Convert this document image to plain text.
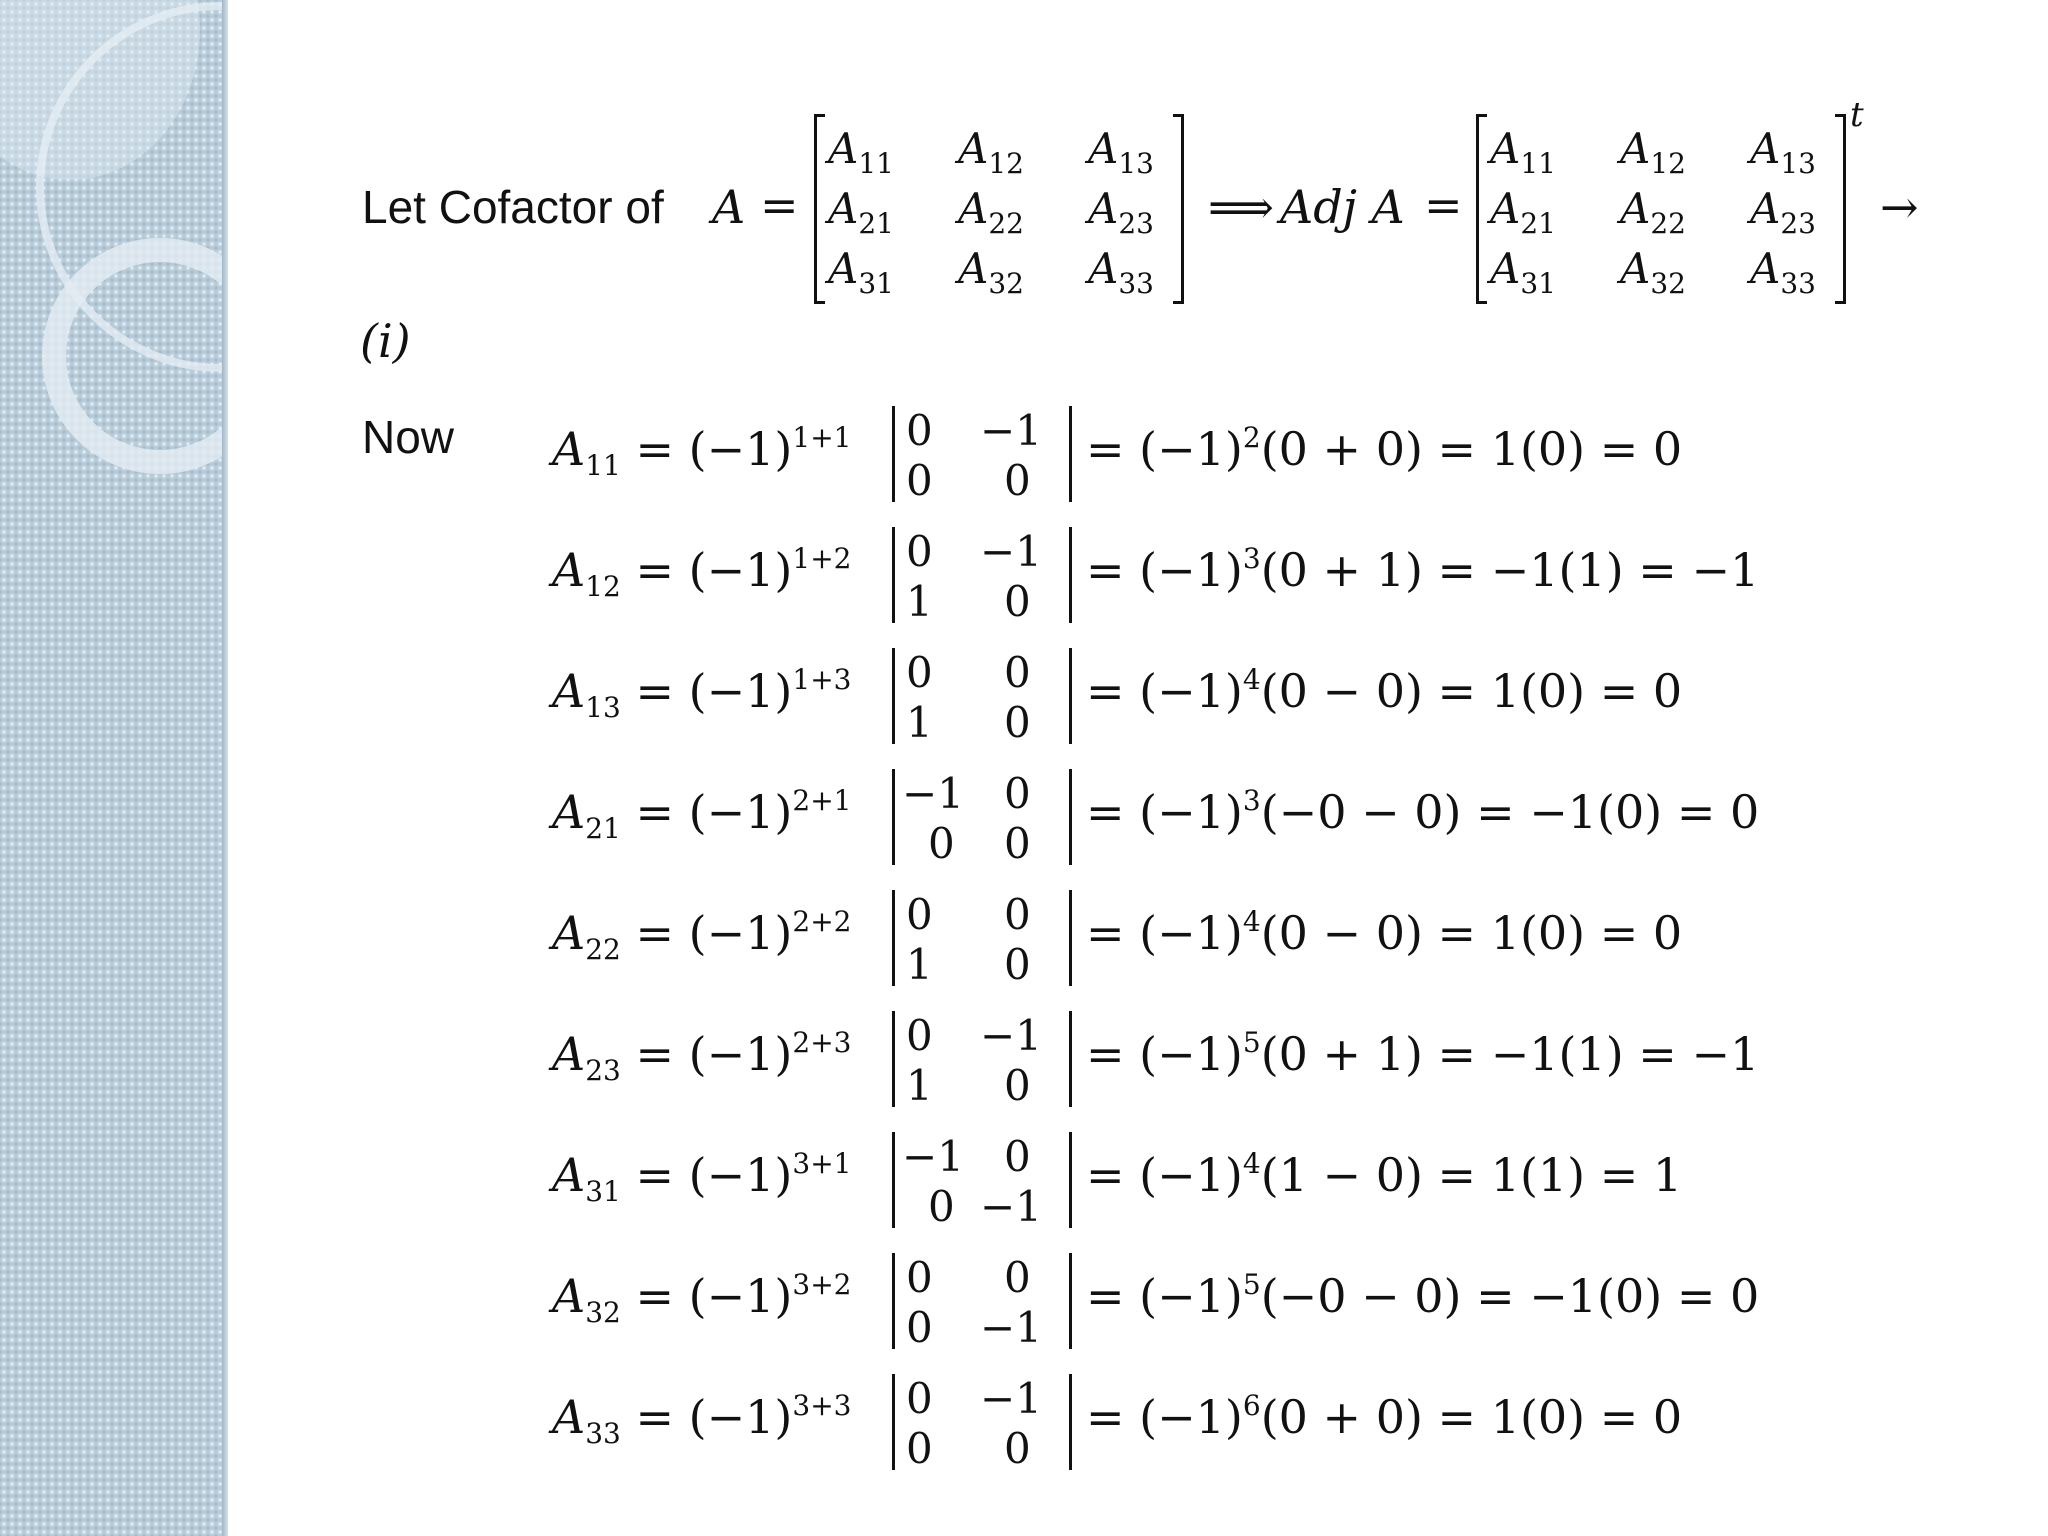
Let Cofactor of A =
$A_{11}$ $A_{12}$ $A_{13}$
$A_{21}$ $A_{22}$ $A_{23}$
$A_{31}$ $A_{32}$ $A_{33}$
⟹ Adj A =
$A_{11}$ $A_{12}$ $A_{13}$
$A_{21}$ $A_{22}$ $A_{23}$
$A_{31}$ $A_{32}$ $A_{33}$
t
→
(i)
Now $A_{11} = (-1)^{1+1}$ 0 −1
0 0
= $(-1)^2(0 + 0) = 1(0) = 0$
$A_{12} = (-1)^{1+2}$ 0 −1
1 0
= $(-1)^3(0 + 1) = -1(1) = -1$
$A_{13} = (-1)^{1+3}$ 0 0
1 0
= $(-1)^4(0 - 0) = 1(0) = 0$
$A_{21} = (-1)^{2+1} -1$ 0
0 0
= $(-1)^3(-0 - 0) = -1(0) = 0$
$A_{22} = (-1)^{2+2}$ 0 0
1 0
= $(-1)^4(0 - 0) = 1(0) = 0$
$A_{23} = (-1)^{2+3}$ 0 −1
1 0
= $(-1)^5(0 + 1) = -1(1) = -1$
$A_{31} = (-1)^{3+1} -1$ 0
0 −1
= $(-1)^4(1 - 0) = 1(1) = 1$
$A_{32} = (-1)^{3+2}$ 0 0
0 −1
= $(-1)^5(-0 - 0) = -1(0) = 0$
$A_{33} = (-1)^{3+3}$ 0 −1
0 0
= $(-1)^6(0 + 0) = 1(0) = 0$
